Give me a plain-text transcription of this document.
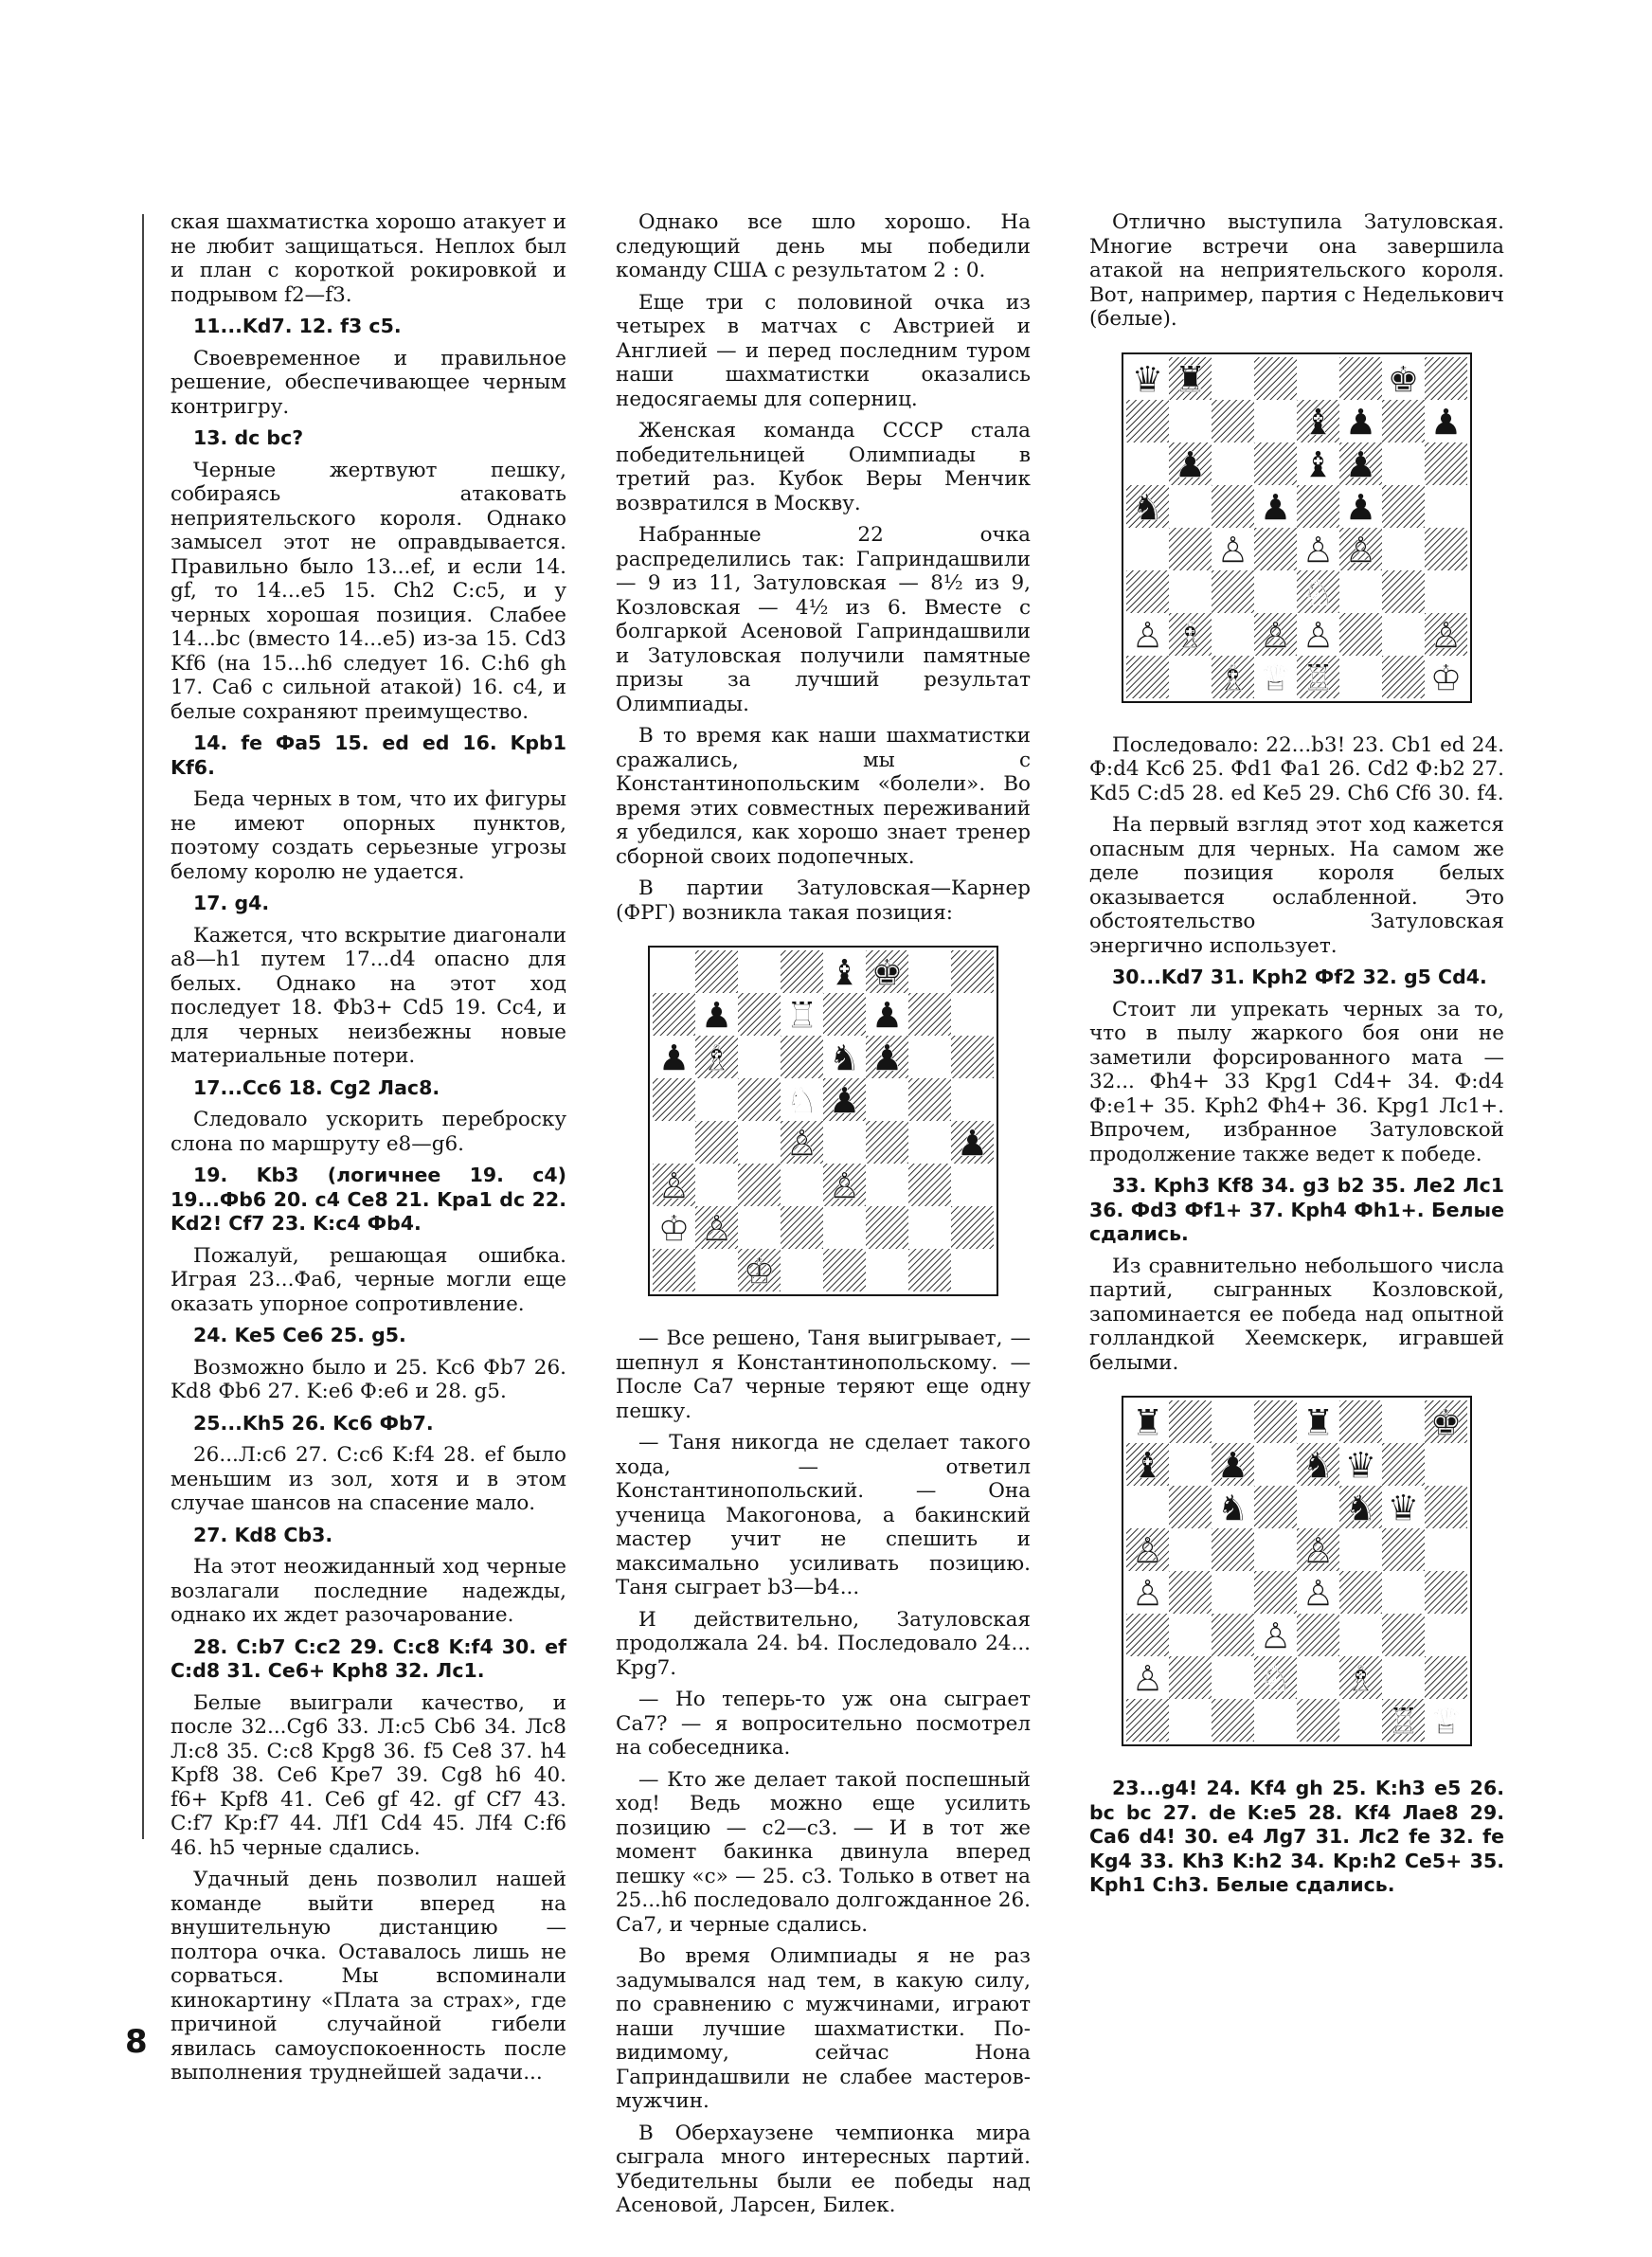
ская шахматистка хорошо атакует и не любит защищаться. Неплох был и план с короткой рокировкой и подрывом f2—f3.

11...Kd7. 12. f3 c5.

Своевременное и правильное решение, обеспечивающее черным контригру.

13. dc bc?

Черные жертвуют пешку, собираясь атаковать неприятельского короля. Однако замысел этот не оправдывается. Правильно было 13...ef, и если 14. gf, то 14...e5 15. Ch2 C:c5, и у черных хорошая позиция. Слабее 14...bc (вместо 14...e5) из-за 15. Cd3 Kf6 (на 15...h6 следует 16. C:h6 gh 17. Ca6 с сильной атакой) 16. c4, и белые сохраняют преимущество.

14. fe Фa5 15. ed ed 16. Kpb1 Kf6.

Беда черных в том, что их фигуры не имеют опорных пунктов, поэтому создать серьезные угрозы белому королю не удается.

17. g4.

Кажется, что вскрытие диагонали a8—h1 путем 17...d4 опасно для белых. Однако на этот ход последует 18. Фb3+ Cd5 19. Cc4, и для черных неизбежны новые материальные потери.

17...Cc6 18. Cg2 Лac8.

Следовало ускорить переброску слона по маршруту e8—g6.

19. Kb3 (логичнее 19. c4) 19...Фb6 20. c4 Ce8 21. Kpa1 dc 22. Kd2! Cf7 23. K:c4 Фb4.

Пожалуй, решающая ошибка. Играя 23...Фa6, черные могли еще оказать упорное сопротивление.

24. Ke5 Ce6 25. g5.

Возможно было и 25. Kc6 Фb7 26. Kd8 Фb6 27. K:e6 Ф:e6 и 28. g5.

25...Kh5 26. Kc6 Фb7.

26...Л:c6 27. C:c6 K:f4 28. ef было меньшим из зол, хотя и в этом случае шансов на спасение мало.

27. Kd8 Cb3.

На этот неожиданный ход черные возлагали последние надежды, однако их ждет разочарование.

28. C:b7 C:c2 29. C:c8 K:f4 30. ef C:d8 31. Ce6+ Kph8 32. Лc1.

Белые выиграли качество, и после 32...Cg6 33. Л:c5 Cb6 34. Лc8 Л:c8 35. C:c8 Kpg8 36. f5 Ce8 37. h4 Kpf8 38. Ce6 Kpe7 39. Cg8 h6 40. f6+ Kpf8 41. Ce6 gf 42. gf Cf7 43. C:f7 Kp:f7 44. Лf1 Cd4 45. Лf4 C:f6 46. h5 черные сдались.

Удачный день позволил нашей команде выйти вперед на внушительную дистанцию — полтора очка. Оставалось лишь не сорваться. Мы вспоминали кинокартину «Плата за страх», где причиной случайной гибели явилась самоуспокоенность после выполнения труднейшей задачи...

Однако все шло хорошо. На следующий день мы победили команду США с результатом 2 : 0.

Еще три с половиной очка из четырех в матчах с Австрией и Англией — и перед последним туром наши шахматистки оказались недосягаемы для соперниц.

Женская команда СССР стала победительницей Олимпиады в третий раз. Кубок Веры Менчик возвратился в Москву.

Набранные 22 очка распределились так: Гаприндашвили — 9 из 11, Затуловская — 8½ из 9, Козловская — 4½ из 6. Вместе с болгаркой Асеновой Гаприндашвили и Затуловская получили памятные призы за лучший результат Олимпиады.

В то время как наши шахматистки сражались, мы с Константинопольским «болели». Во время этих совместных переживаний я убедился, как хорошо знает тренер сборной своих подопечных.

В партии Затуловская—Карнер (ФРГ) возникла такая позиция:

♝ ♚
♟ ♖ ♟
♟ ♗	♞ ♟
♘ ♟
♙	♟
♙	♙
♔ ♙
♔

— Все решено, Таня выигрывает, — шепнул я Константинопольскому. — После Ca7 черные теряют еще одну пешку.

— Таня никогда не сделает такого хода, — ответил Константинопольский. — Она ученица Макогонова, а бакинский мастер учит не спешить и максимально усиливать позицию. Таня сыграет b3—b4...

И действительно, Затуловская продолжала 24. b4. Последовало 24... Kpg7.

— Но теперь-то уж она сыграет Ca7? — я вопросительно посмотрел на собеседника.

— Кто же делает такой поспешный ход! Ведь можно еще усилить позицию — c2—c3. — И в тот же момент бакинка двинула вперед пешку «c» — 25. c3. Только в ответ на 25...h6 последовало долгожданное 26. Ca7, и черные сдались.

Во время Олимпиады я не раз задумывался над тем, в какую силу, по сравнению с мужчинами, играют наши лучшие шахматистки. По-видимому, сейчас Нона Гаприндашвили не слабее мастеров-мужчин.

В Оберхаузене чемпионка мира сыграла много интересных партий. Убедительны были ее победы над Асеновой, Ларсен, Билек.

Отлично выступила Затуловская. Многие встречи она завершила атакой на неприятельского короля. Вот, например, партия с Неделькович (белые).

♛ ♜	♚
♝ ♟ ♟
♟	♝ ♟
♞	♟ ♟
♙ ♙ ♙
♘
♙ ♗ ♙ ♙	♙
♗ ♕ ♖	♔

Последовало: 22...b3! 23. Cb1 ed 24. Ф:d4 Kc6 25. Фd1 Фa1 26. Cd2 Ф:b2 27. Kd5 C:d5 28. ed Ke5 29. Ch6 Cf6 30. f4.

На первый взгляд этот ход кажется опасным для черных. На самом же деле позиция короля белых оказывается ослабленной. Это обстоятельство Затуловская энергично использует.

30...Kd7 31. Kph2 Фf2 32. g5 Cd4.

Стоит ли упрекать черных за то, что в пылу жаркого боя они не заметили форсированного мата — 32... Фh4+ 33 Kpg1 Cd4+ 34. Ф:d4 Ф:e1+ 35. Kph2 Фh4+ 36. Kpg1 Лc1+. Впрочем, избранное Затуловской продолжение также ведет к победе.

33. Kph3 Kf8 34. g3 b2 35. Лe2 Лc1 36. Фd3 Фf1+ 37. Kph4 Фh1+. Белые сдались.

Из сравнительно небольшого числа партий, сыгранных Козловской, запоминается ее победа над опытной голландкой Хеемскерк, игравшей белыми.

♜	♜	♚
♝ ♟ ♞ ♛
♞	♞ ♛
♙	♙
♙	♙
♙
♙	♘ ♗
♖ ♕

23...g4! 24. Kf4 gh 25. K:h3 e5 26. bc bc 27. de K:e5 28. Kf4 Лae8 29. Ca6 d4! 30. e4 Лg7 31. Лc2 fe 32. fe Kg4 33. Kh3 K:h2 34. Kp:h2 Ce5+ 35. Kph1 C:h3. Белые сдались.

8
